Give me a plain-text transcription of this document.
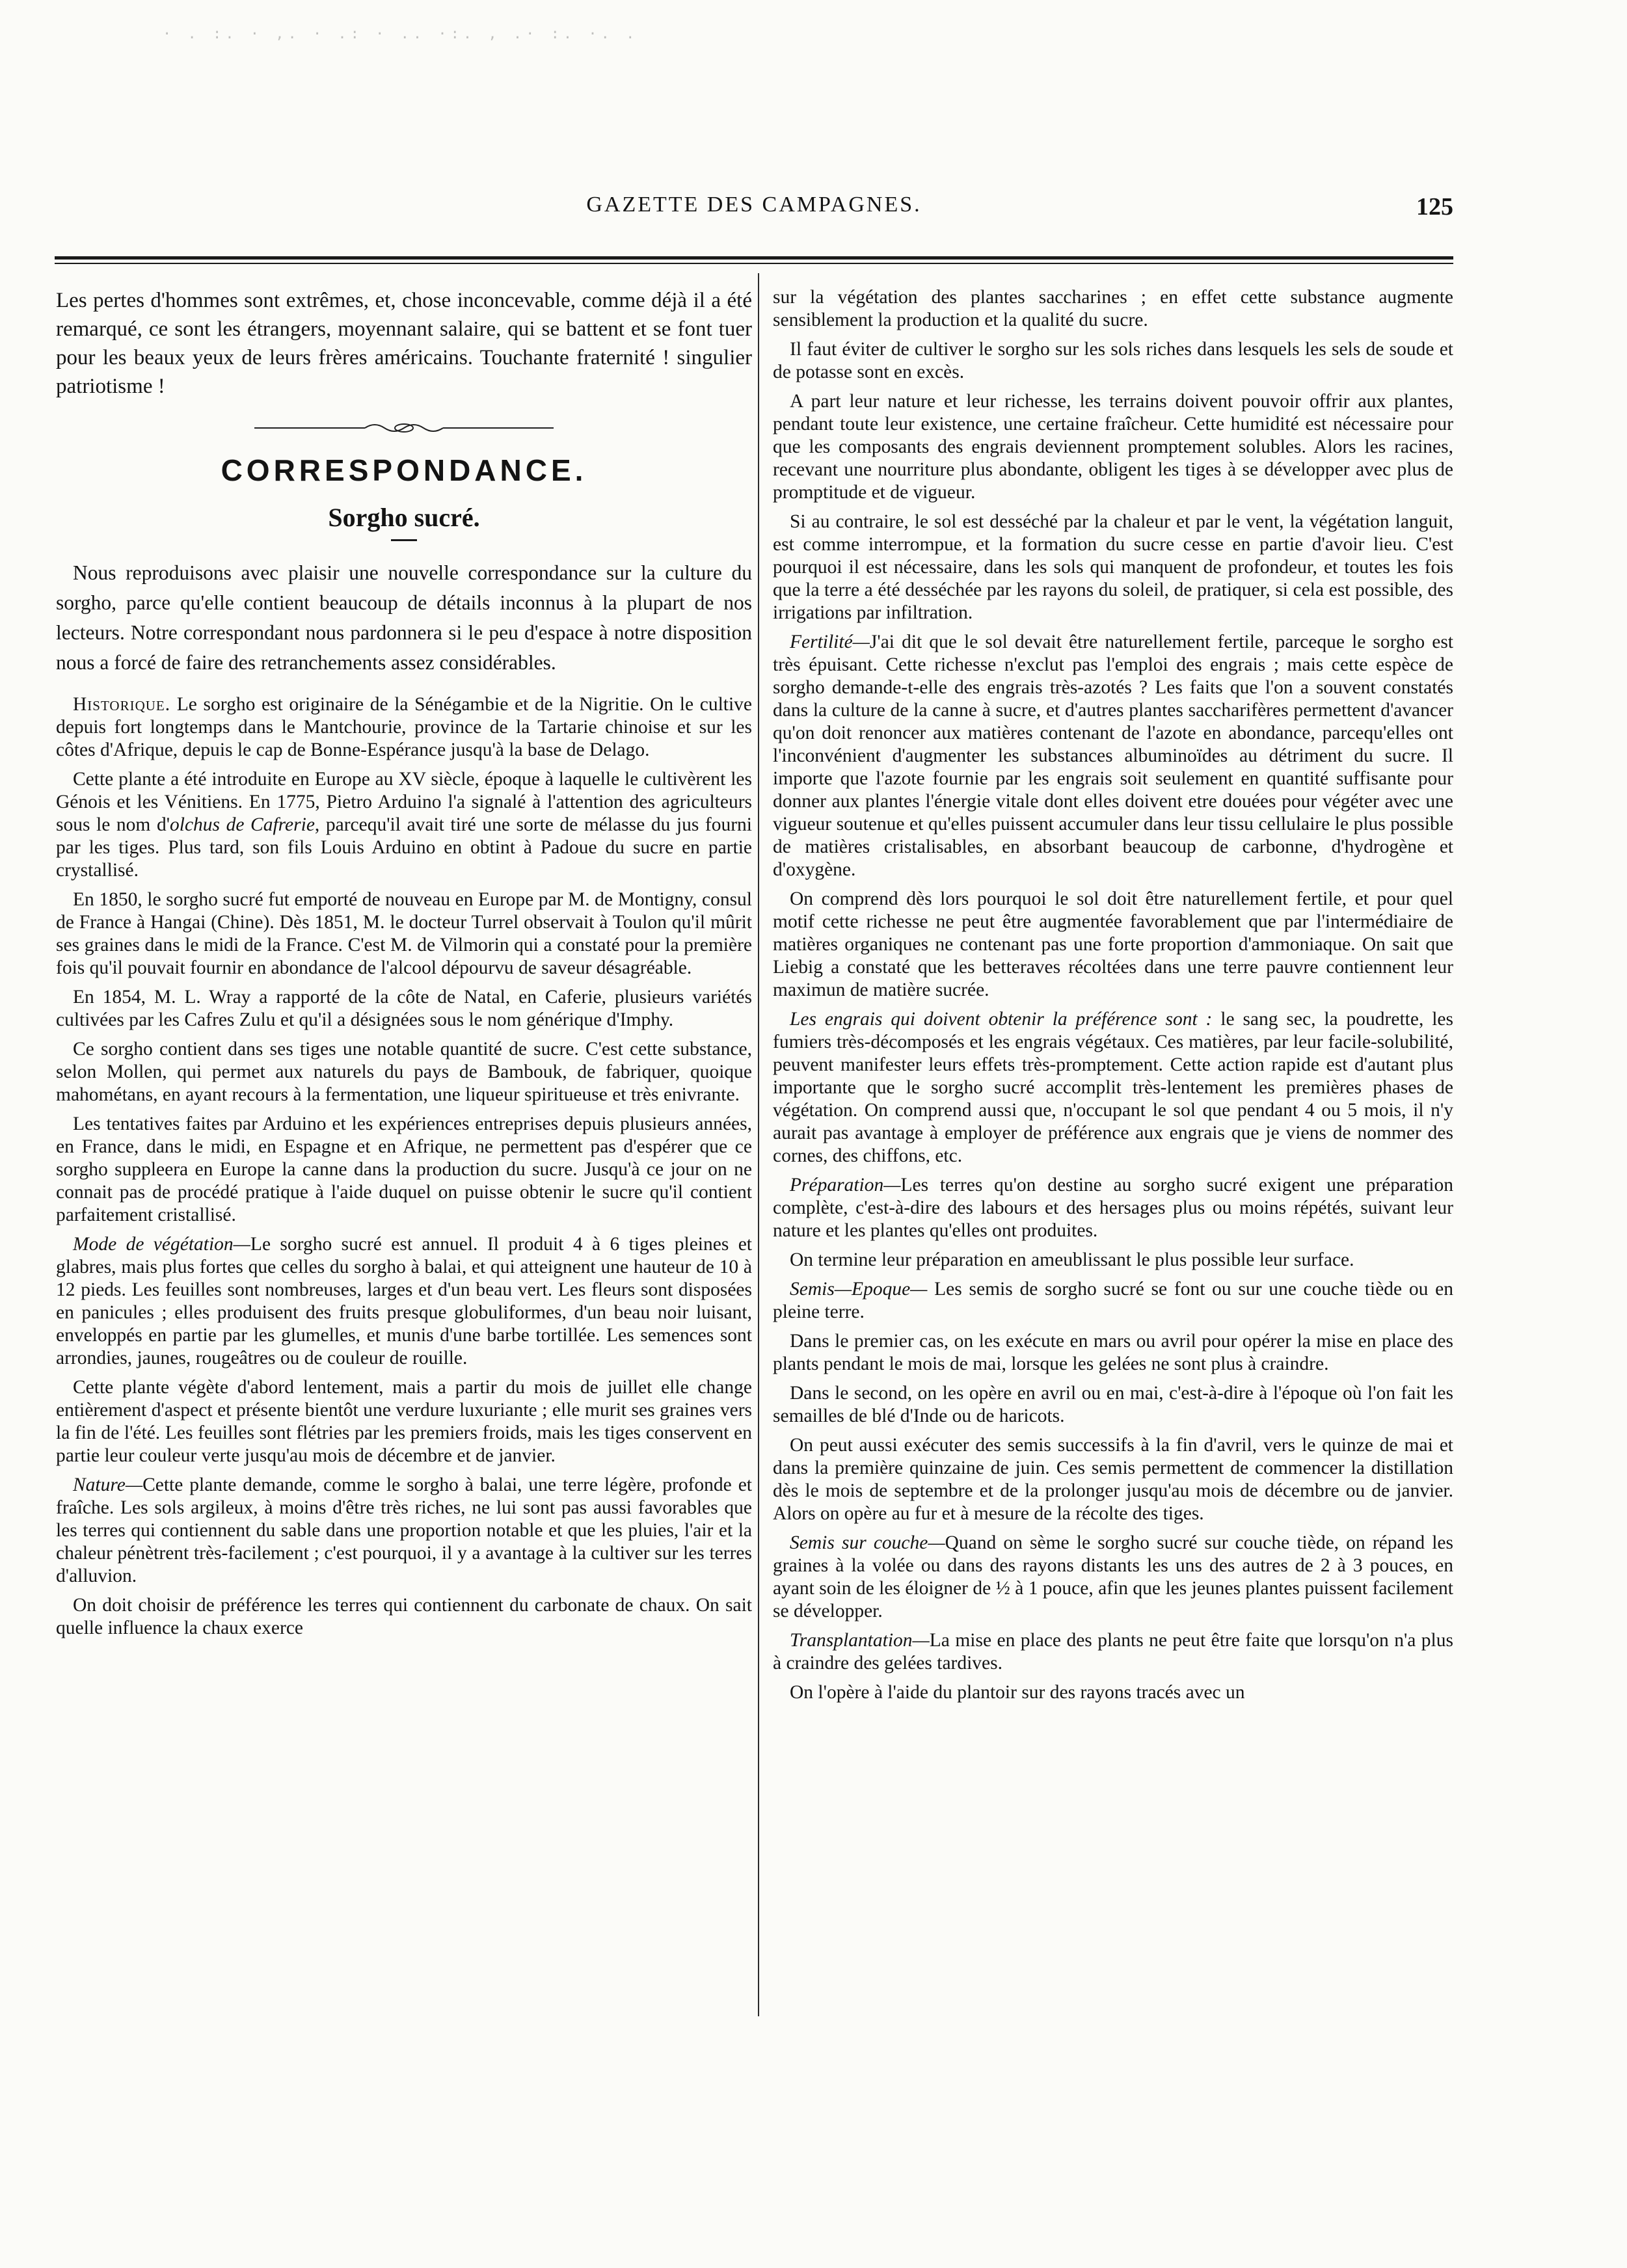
· . :. · ,. · .: · .. ·:. , .· :. ·. .
GAZETTE DES CAMPAGNES.	125

Les pertes d'hommes sont extrêmes, et, chose inconcevable, comme déjà il a été remarqué, ce sont les étrangers, moyennant salaire, qui se battent et se font tuer pour les beaux yeux de leurs frères américains. Touchante fraternité ! singulier patriotisme !

CORRESPONDANCE.
Sorgho sucré.

Nous reproduisons avec plaisir une nouvelle correspondance sur la culture du sorgho, parce qu'elle contient beaucoup de détails inconnus à la plupart de nos lecteurs. Notre correspondant nous pardonnera si le peu d'espace à notre disposition nous a forcé de faire des retranchements assez considérables.

Historique. Le sorgho est originaire de la Sénégambie et de la Nigritie. On le cultive depuis fort longtemps dans le Mantchourie, province de la Tartarie chinoise et sur les côtes d'Afrique, depuis le cap de Bonne-Espérance jusqu'à la base de Delago.

Cette plante a été introduite en Europe au XV siècle, époque à laquelle le cultivèrent les Génois et les Vénitiens. En 1775, Pietro Arduino l'a signalé à l'attention des agriculteurs sous le nom d'olchus de Cafrerie, parcequ'il avait tiré une sorte de mélasse du jus fourni par les tiges. Plus tard, son fils Louis Arduino en obtint à Padoue du sucre en partie crystallisé.

En 1850, le sorgho sucré fut emporté de nouveau en Europe par M. de Montigny, consul de France à Hangai (Chine). Dès 1851, M. le docteur Turrel observait à Toulon qu'il mûrit ses graines dans le midi de la France. C'est M. de Vilmorin qui a constaté pour la première fois qu'il pouvait fournir en abondance de l'alcool dépourvu de saveur désagréable.

En 1854, M. L. Wray a rapporté de la côte de Natal, en Caferie, plusieurs variétés cultivées par les Cafres Zulu et qu'il a désignées sous le nom générique d'Imphy.

Ce sorgho contient dans ses tiges une notable quantité de sucre. C'est cette substance, selon Mollen, qui permet aux naturels du pays de Bambouk, de fabriquer, quoique mahométans, en ayant recours à la fermentation, une liqueur spiritueuse et très enivrante.

Les tentatives faites par Arduino et les expériences entreprises depuis plusieurs années, en France, dans le midi, en Espagne et en Afrique, ne permettent pas d'espérer que ce sorgho suppleera en Europe la canne dans la production du sucre. Jusqu'à ce jour on ne connait pas de procédé pratique à l'aide duquel on puisse obtenir le sucre qu'il contient parfaitement cristallisé.

Mode de végétation—Le sorgho sucré est annuel. Il produit 4 à 6 tiges pleines et glabres, mais plus fortes que celles du sorgho à balai, et qui atteignent une hauteur de 10 à 12 pieds. Les feuilles sont nombreuses, larges et d'un beau vert. Les fleurs sont disposées en panicules ; elles produisent des fruits presque globuliformes, d'un beau noir luisant, enveloppés en partie par les glumelles, et munis d'une barbe tortillée. Les semences sont arrondies, jaunes, rougeâtres ou de couleur de rouille.

Cette plante végète d'abord lentement, mais a partir du mois de juillet elle change entièrement d'aspect et présente bientôt une verdure luxuriante ; elle murit ses graines vers la fin de l'été. Les feuilles sont flétries par les premiers froids, mais les tiges conservent en partie leur couleur verte jusqu'au mois de décembre et de janvier.

Nature—Cette plante demande, comme le sorgho à balai, une terre légère, profonde et fraîche. Les sols argileux, à moins d'être très riches, ne lui sont pas aussi favorables que les terres qui contiennent du sable dans une proportion notable et que les pluies, l'air et la chaleur pénètrent très-facilement ; c'est pourquoi, il y a avantage à la cultiver sur les terres d'alluvion.

On doit choisir de préférence les terres qui contiennent du carbonate de chaux. On sait quelle influence la chaux exerce

sur la végétation des plantes saccharines ; en effet cette substance augmente sensiblement la production et la qualité du sucre.

Il faut éviter de cultiver le sorgho sur les sols riches dans lesquels les sels de soude et de potasse sont en excès.

A part leur nature et leur richesse, les terrains doivent pouvoir offrir aux plantes, pendant toute leur existence, une certaine fraîcheur. Cette humidité est nécessaire pour que les composants des engrais deviennent promptement solubles. Alors les racines, recevant une nourriture plus abondante, obligent les tiges à se développer avec plus de promptitude et de vigueur.

Si au contraire, le sol est desséché par la chaleur et par le vent, la végétation languit, est comme interrompue, et la formation du sucre cesse en partie d'avoir lieu. C'est pourquoi il est nécessaire, dans les sols qui manquent de profondeur, et toutes les fois que la terre a été desséchée par les rayons du soleil, de pratiquer, si cela est possible, des irrigations par infiltration.

Fertilité—J'ai dit que le sol devait être naturellement fertile, parceque le sorgho est très épuisant. Cette richesse n'exclut pas l'emploi des engrais ; mais cette espèce de sorgho demande-t-elle des engrais très-azotés ? Les faits que l'on a souvent constatés dans la culture de la canne à sucre, et d'autres plantes saccharifères permettent d'avancer qu'on doit renoncer aux matières contenant de l'azote en abondance, parcequ'elles ont l'inconvénient d'augmenter les substances albuminoïdes au détriment du sucre. Il importe que l'azote fournie par les engrais soit seulement en quantité suffisante pour donner aux plantes l'énergie vitale dont elles doivent etre douées pour végéter avec une vigueur soutenue et qu'elles puissent accumuler dans leur tissu cellulaire le plus possible de matières cristalisables, en absorbant beaucoup de carbonne, d'hydrogène et d'oxygène.

On comprend dès lors pourquoi le sol doit être naturellement fertile, et pour quel motif cette richesse ne peut être augmentée favorablement que par l'intermédiaire de matières organiques ne contenant pas une forte proportion d'ammoniaque. On sait que Liebig a constaté que les betteraves récoltées dans une terre pauvre contiennent leur maximun de matière sucrée.

Les engrais qui doivent obtenir la préférence sont : le sang sec, la poudrette, les fumiers très-décomposés et les engrais végétaux. Ces matières, par leur facile-solubilité, peuvent manifester leurs effets très-promptement. Cette action rapide est d'autant plus importante que le sorgho sucré accomplit très-lentement les premières phases de végétation. On comprend aussi que, n'occupant le sol que pendant 4 ou 5 mois, il n'y aurait pas avantage à employer de préférence aux engrais que je viens de nommer des cornes, des chiffons, etc.

Préparation—Les terres qu'on destine au sorgho sucré exigent une préparation complète, c'est-à-dire des labours et des hersages plus ou moins répétés, suivant leur nature et les plantes qu'elles ont produites.

On termine leur préparation en ameublissant le plus possible leur surface.

Semis—Epoque— Les semis de sorgho sucré se font ou sur une couche tiède ou en pleine terre.

Dans le premier cas, on les exécute en mars ou avril pour opérer la mise en place des plants pendant le mois de mai, lorsque les gelées ne sont plus à craindre.

Dans le second, on les opère en avril ou en mai, c'est-à-dire à l'époque où l'on fait les semailles de blé d'Inde ou de haricots.

On peut aussi exécuter des semis successifs à la fin d'avril, vers le quinze de mai et dans la première quinzaine de juin. Ces semis permettent de commencer la distillation dès le mois de septembre et de la prolonger jusqu'au mois de décembre ou de janvier. Alors on opère au fur et à mesure de la récolte des tiges.

Semis sur couche—Quand on sème le sorgho sucré sur couche tiède, on répand les graines à la volée ou dans des rayons distants les uns des autres de 2 à 3 pouces, en ayant soin de les éloigner de ½ à 1 pouce, afin que les jeunes plantes puissent facilement se développer.

Transplantation—La mise en place des plants ne peut être faite que lorsqu'on n'a plus à craindre des gelées tardives.

On l'opère à l'aide du plantoir sur des rayons tracés avec un
